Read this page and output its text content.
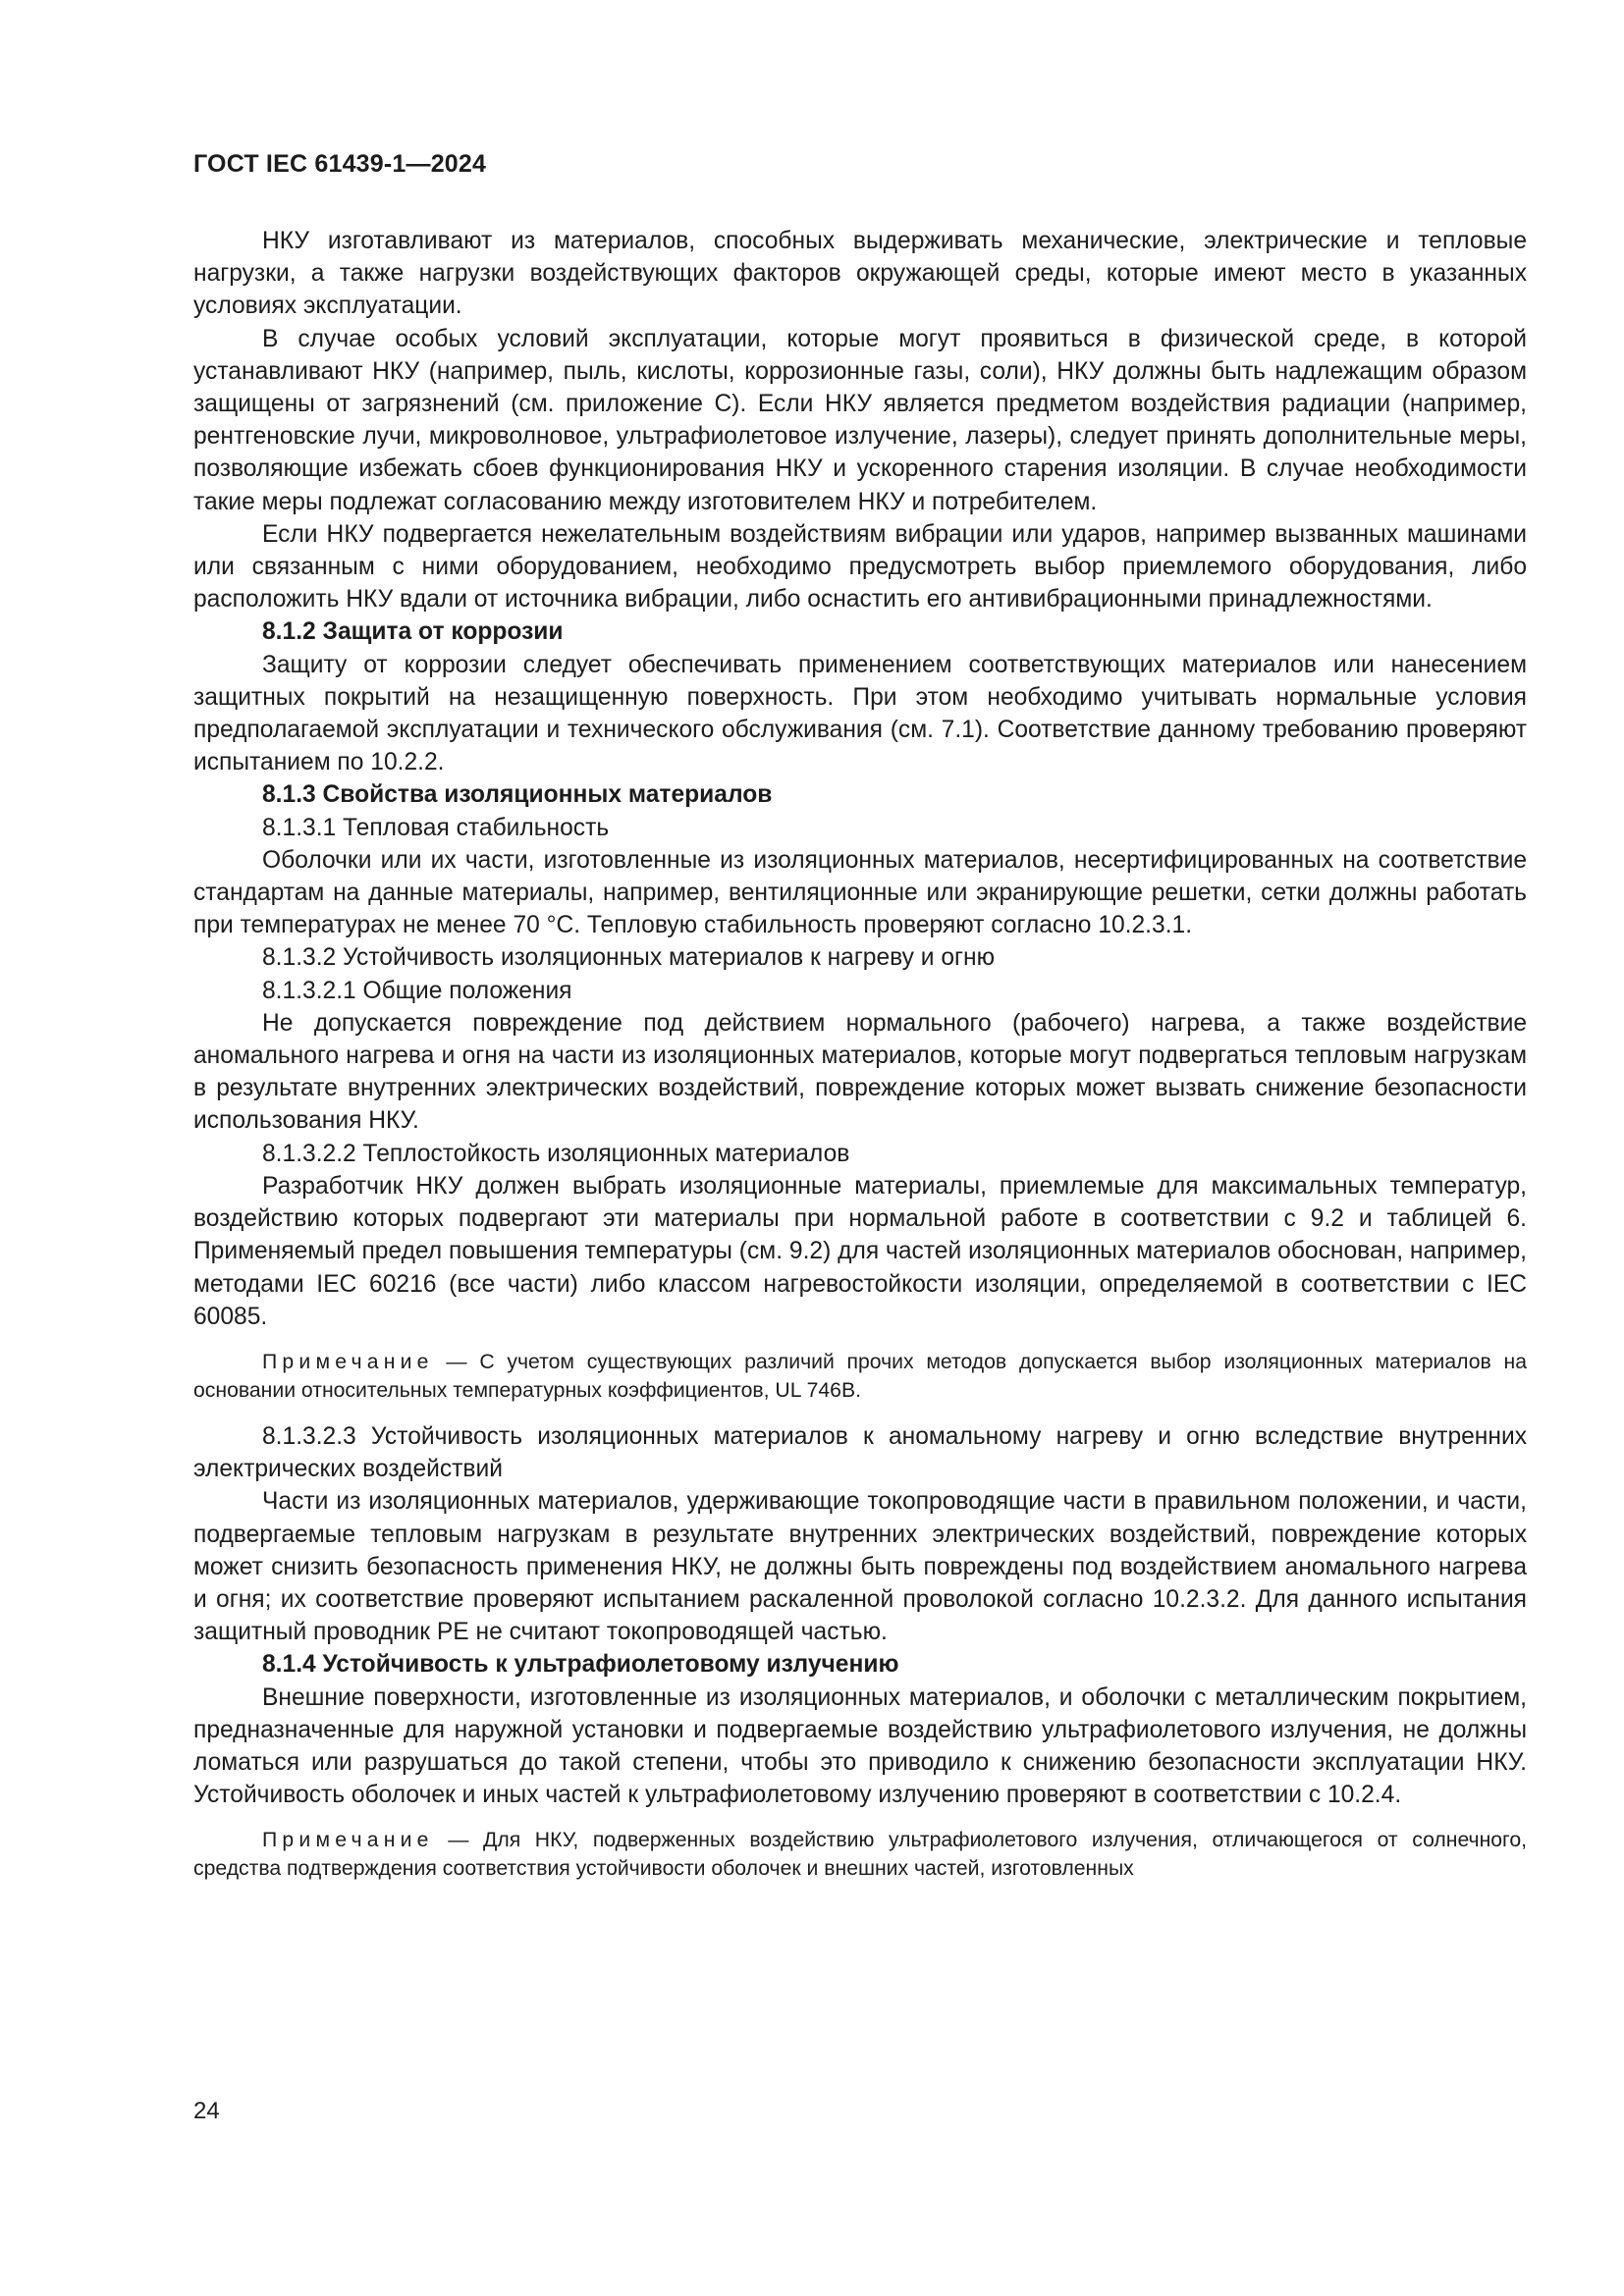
ГОСТ IEC 61439-1—2024

НКУ изготавливают из материалов, способных выдерживать механические, электрические и тепловые нагрузки, а также нагрузки воздействующих факторов окружающей среды, которые имеют место в указанных условиях эксплуатации.

В случае особых условий эксплуатации, которые могут проявиться в физической среде, в которой устанавливают НКУ (например, пыль, кислоты, коррозионные газы, соли), НКУ должны быть надлежащим образом защищены от загрязнений (см. приложение C). Если НКУ является предметом воздействия радиации (например, рентгеновские лучи, микроволновое, ультрафиолетовое излучение, лазеры), следует принять дополнительные меры, позволяющие избежать сбоев функционирования НКУ и ускоренного старения изоляции. В случае необходимости такие меры подлежат согласованию между изготовителем НКУ и потребителем.

Если НКУ подвергается нежелательным воздействиям вибрации или ударов, например вызванных машинами или связанным с ними оборудованием, необходимо предусмотреть выбор приемлемого оборудования, либо расположить НКУ вдали от источника вибрации, либо оснастить его антивибрационными принадлежностями.

8.1.2 Защита от коррозии

Защиту от коррозии следует обеспечивать применением соответствующих материалов или нанесением защитных покрытий на незащищенную поверхность. При этом необходимо учитывать нормальные условия предполагаемой эксплуатации и технического обслуживания (см. 7.1). Соответствие данному требованию проверяют испытанием по 10.2.2.

8.1.3 Свойства изоляционных материалов

8.1.3.1 Тепловая стабильность

Оболочки или их части, изготовленные из изоляционных материалов, несертифицированных на соответствие стандартам на данные материалы, например, вентиляционные или экранирующие решетки, сетки должны работать при температурах не менее 70 °C. Тепловую стабильность проверяют согласно 10.2.3.1.

8.1.3.2 Устойчивость изоляционных материалов к нагреву и огню

8.1.3.2.1 Общие положения

Не допускается повреждение под действием нормального (рабочего) нагрева, а также воздействие аномального нагрева и огня на части из изоляционных материалов, которые могут подвергаться тепловым нагрузкам в результате внутренних электрических воздействий, повреждение которых может вызвать снижение безопасности использования НКУ.

8.1.3.2.2 Теплостойкость изоляционных материалов

Разработчик НКУ должен выбрать изоляционные материалы, приемлемые для максимальных температур, воздействию которых подвергают эти материалы при нормальной работе в соответствии с 9.2 и таблицей 6. Применяемый предел повышения температуры (см. 9.2) для частей изоляционных материалов обоснован, например, методами IEC 60216 (все части) либо классом нагревостойкости изоляции, определяемой в соответствии с IEC 60085.

Примечание — С учетом существующих различий прочих методов допускается выбор изоляционных материалов на основании относительных температурных коэффициентов, UL 746B.

8.1.3.2.3 Устойчивость изоляционных материалов к аномальному нагреву и огню вследствие внутренних электрических воздействий

Части из изоляционных материалов, удерживающие токопроводящие части в правильном положении, и части, подвергаемые тепловым нагрузкам в результате внутренних электрических воздействий, повреждение которых может снизить безопасность применения НКУ, не должны быть повреждены под воздействием аномального нагрева и огня; их соответствие проверяют испытанием раскаленной проволокой согласно 10.2.3.2. Для данного испытания защитный проводник PE не считают токопроводящей частью.

8.1.4 Устойчивость к ультрафиолетовому излучению

Внешние поверхности, изготовленные из изоляционных материалов, и оболочки с металлическим покрытием, предназначенные для наружной установки и подвергаемые воздействию ультрафиолетового излучения, не должны ломаться или разрушаться до такой степени, чтобы это приводило к снижению безопасности эксплуатации НКУ. Устойчивость оболочек и иных частей к ультрафиолетовому излучению проверяют в соответствии с 10.2.4.

Примечание — Для НКУ, подверженных воздействию ультрафиолетового излучения, отличающегося от солнечного, средства подтверждения соответствия устойчивости оболочек и внешних частей, изготовленных

24
